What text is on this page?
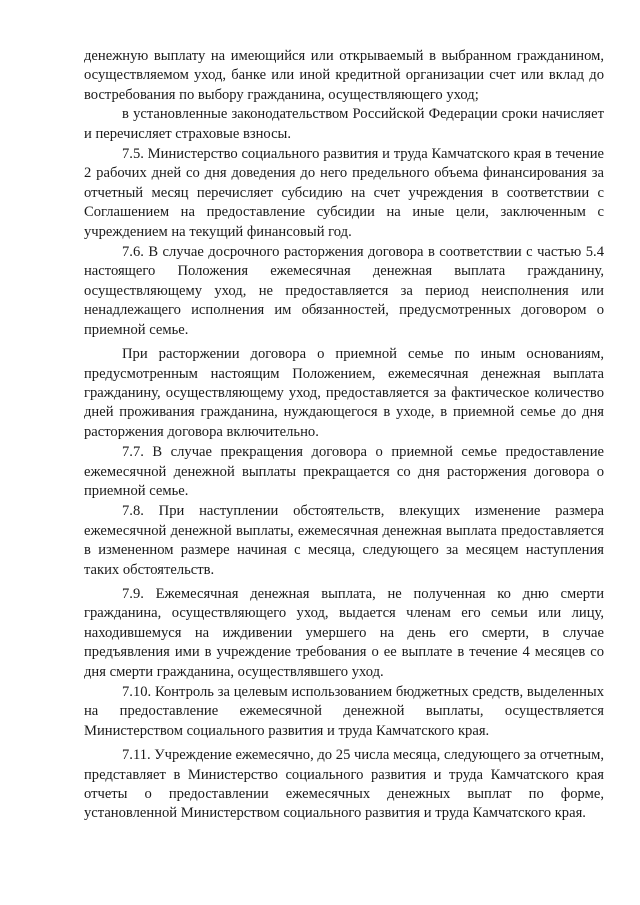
денежную выплату на имеющийся или открываемый в выбранном гражданином, осуществляемом уход, банке или иной кредитной организации счет или вклад до востребования по выбору гражданина, осуществляющего уход;

в установленные законодательством Российской Федерации сроки начисляет и перечисляет страховые взносы.

7.5. Министерство социального развития и труда Камчатского края в течение 2 рабочих дней со дня доведения до него предельного объема финансирования за отчетный месяц перечисляет субсидию на счет учреждения в соответствии с Соглашением на предоставление субсидии на иные цели, заключенным с учреждением на текущий финансовый год.

7.6. В случае досрочного расторжения договора в соответствии с частью 5.4 настоящего Положения ежемесячная денежная выплата гражданину, осуществляющему уход, не предоставляется за период неисполнения или ненадлежащего исполнения им обязанностей, предусмотренных договором о приемной семье.

При расторжении договора о приемной семье по иным основаниям, предусмотренным настоящим Положением, ежемесячная денежная выплата гражданину, осуществляющему уход, предоставляется за фактическое количество дней проживания гражданина, нуждающегося в уходе, в приемной семье до дня расторжения договора включительно.

7.7. В случае прекращения договора о приемной семье предоставление ежемесячной денежной выплаты прекращается со дня расторжения договора о приемной семье.

7.8. При наступлении обстоятельств, влекущих изменение размера ежемесячной денежной выплаты, ежемесячная денежная выплата предоставляется в измененном размере начиная с месяца, следующего за месяцем наступления таких обстоятельств.

7.9. Ежемесячная денежная выплата, не полученная ко дню смерти гражданина, осуществляющего уход, выдается членам его семьи или лицу, находившемуся на иждивении умершего на день его смерти, в случае предъявления ими в учреждение требования о ее выплате в течение 4 месяцев со дня смерти гражданина, осуществлявшего уход.

7.10. Контроль за целевым использованием бюджетных средств, выделенных на предоставление ежемесячной денежной выплаты, осуществляется Министерством социального развития и труда Камчатского края.

7.11. Учреждение ежемесячно, до 25 числа месяца, следующего за отчетным, представляет в Министерство социального развития и труда Камчатского края отчеты о предоставлении ежемесячных денежных выплат по форме, установленной Министерством социального развития и труда Камчатского края.
